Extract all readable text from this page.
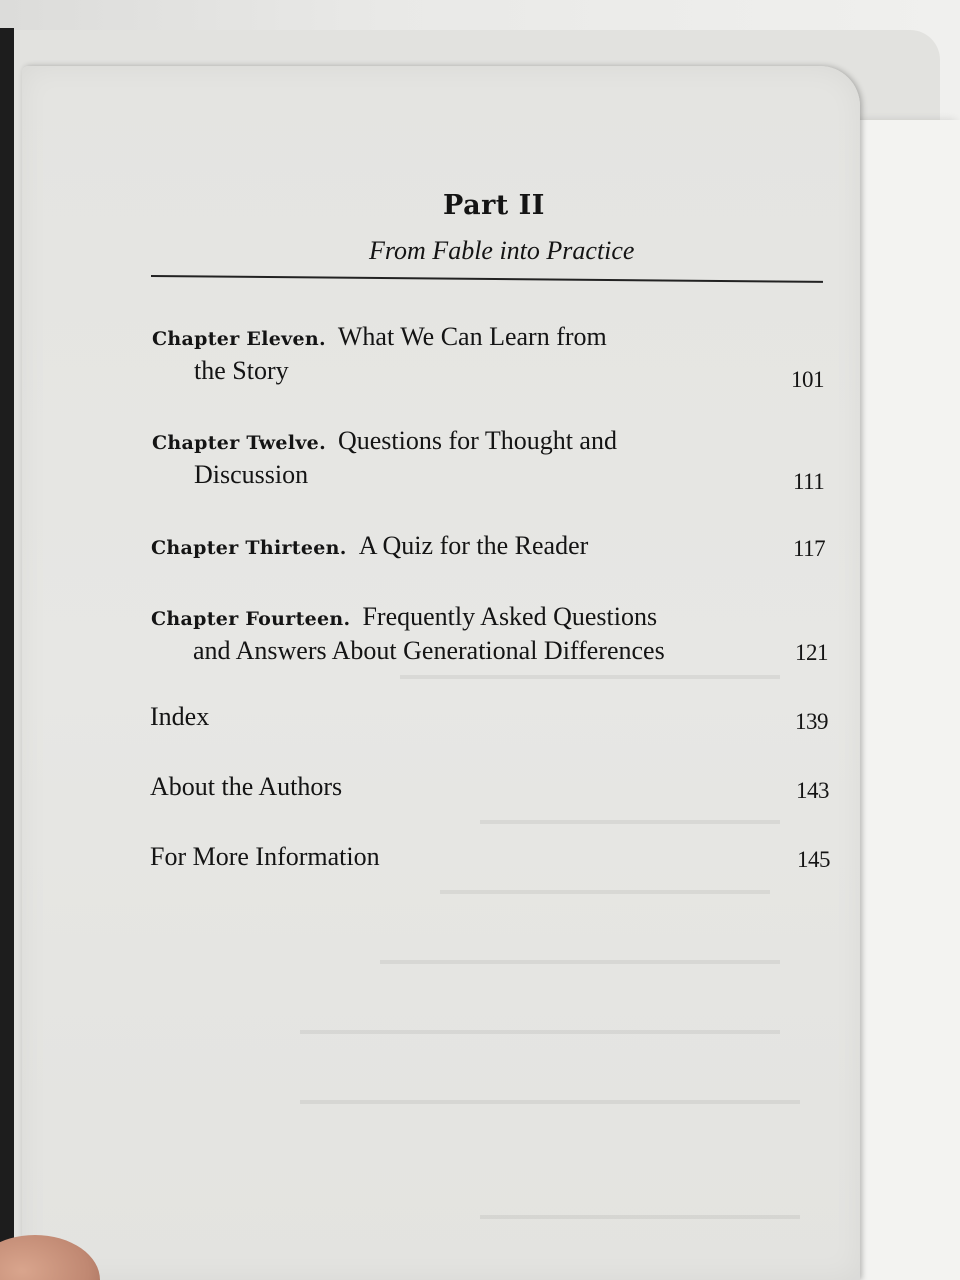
Part II
From Fable into Practice
Chapter Eleven. What We Can Learn from
the Story	101
Chapter Twelve. Questions for Thought and
Discussion	111
Chapter Thirteen. A Quiz for the Reader	117
Chapter Fourteen. Frequently Asked Questions
and Answers About Generational Differences	121
Index	139
About the Authors	143
For More Information	145
